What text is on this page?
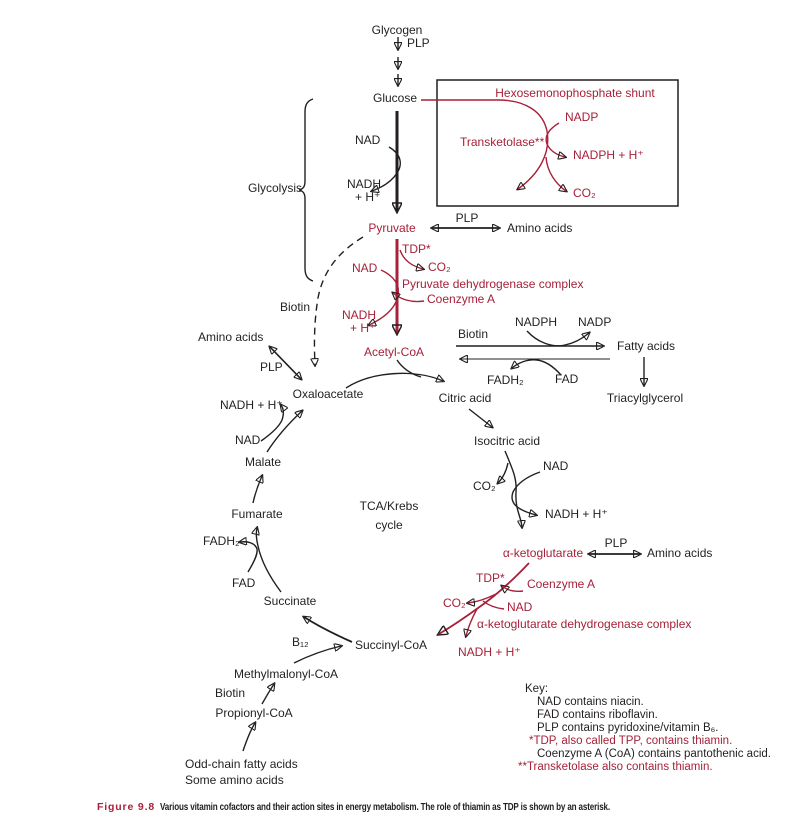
Glycogen
PLP
Glucose	Hexosemonophosphate shunt
NADP
Transketolase**
NADPH + H⁺
CO₂
NAD
NADH
+ H⁺
Glycolysis
Pyruvate
PLP
Amino acids
TDP*
CO₂
NAD
Pyruvate dehydrogenase complex
Coenzyme A
NADH
+ H⁺
Acetyl-CoA
Biotin
Amino acids
PLP
Biotin
NADPH NADP
Fatty acids
FADH₂	FAD
Triacylglycerol
Oxaloacetate	Citric acid
NADH + H⁺
NAD
Malate
Fumarate
TCA/Krebs
cycle
FADH₂
FAD
Succinate
Isocitric acid
NAD
CO₂
NADH + H⁺
α-ketoglutarate
PLP
Amino acids
Succinyl-CoA
TDP* Coenzyme A
CO₂	NAD
α-ketoglutarate dehydrogenase complex
NADH + H⁺
B₁₂
Methylmalonyl-CoA
Biotin
Propionyl-CoA
Odd-chain fatty acids
Some amino acids
Key:
NAD contains niacin.
FAD contains riboflavin.
PLP contains pyridoxine/vitamin B₆.
*TDP, also called TPP, contains thiamin.
Coenzyme A (CoA) contains pantothenic acid.
**Transketolase also contains thiamin.
Figure 9.8 Various vitamin cofactors and their action sites in energy metabolism. The role of thiamin as TDP is shown by an asterisk.
